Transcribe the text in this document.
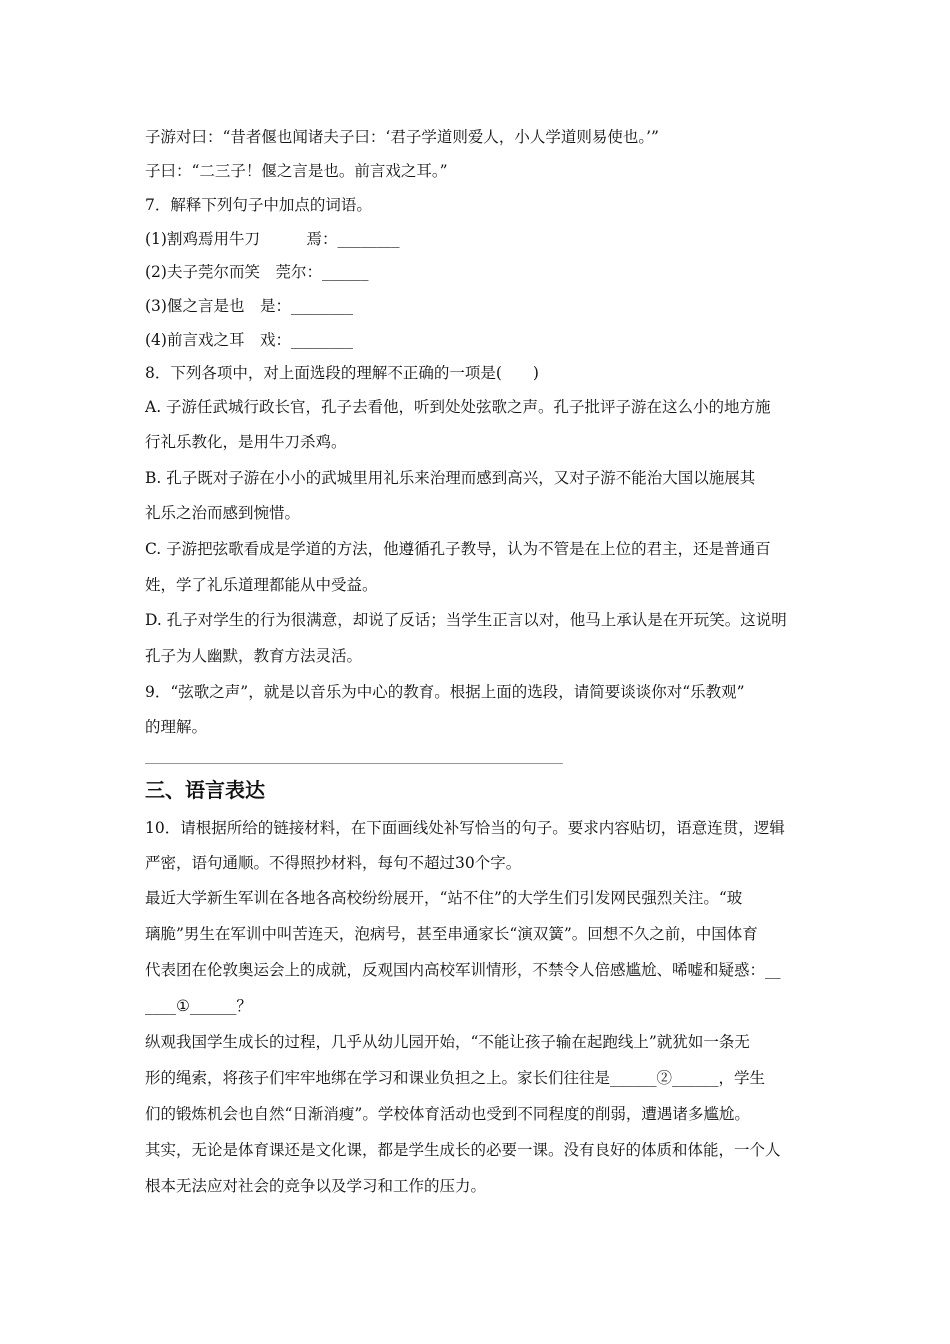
子游对曰：“昔者偃也闻诸夫子曰：‘君子学道则爱人，小人学道则易使也。’”
子曰：“二三子！偃之言是也。前言戏之耳。”
7．解释下列句子中加点的词语。
(1)割鸡焉用牛刀　　　焉：________
(2)夫子莞尔而笑　莞尔：______
(3)偃之言是也　是：________
(4)前言戏之耳　戏：________
8．下列各项中，对上面选段的理解不正确的一项是(　　)
A. 子游任武城行政长官，孔子去看他，听到处处弦歌之声。孔子批评子游在这么小的地方施
行礼乐教化，是用牛刀杀鸡。
B. 孔子既对子游在小小的武城里用礼乐来治理而感到高兴，又对子游不能治大国以施展其
礼乐之治而感到惋惜。
C. 子游把弦歌看成是学道的方法，他遵循孔子教导，认为不管是在上位的君主，还是普通百
姓，学了礼乐道理都能从中受益。
D. 孔子对学生的行为很满意，却说了反话；当学生正言以对，他马上承认是在开玩笑。这说明
孔子为人幽默，教育方法灵活。
9．“弦歌之声”，就是以音乐为中心的教育。根据上面的选段，请简要谈谈你对“乐教观”
的理解。
三、语言表达
10．请根据所给的链接材料，在下面画线处补写恰当的句子。要求内容贴切，语意连贯，逻辑
严密，语句通顺。不得照抄材料，每句不超过30个字。
最近大学新生军训在各地各高校纷纷展开，“站不住”的大学生们引发网民强烈关注。“玻
璃脆”男生在军训中叫苦连天，泡病号，甚至串通家长“演双簧”。回想不久之前，中国体育
代表团在伦敦奥运会上的成就，反观国内高校军训情形，不禁令人倍感尴尬、唏嘘和疑惑：__
____①______？
纵观我国学生成长的过程，几乎从幼儿园开始，“不能让孩子输在起跑线上”就犹如一条无
形的绳索，将孩子们牢牢地绑在学习和课业负担之上。家长们往往是______②______，学生
们的锻炼机会也自然“日渐消瘦”。学校体育活动也受到不同程度的削弱，遭遇诸多尴尬。
其实，无论是体育课还是文化课，都是学生成长的必要一课。没有良好的体质和体能，一个人
根本无法应对社会的竞争以及学习和工作的压力。
